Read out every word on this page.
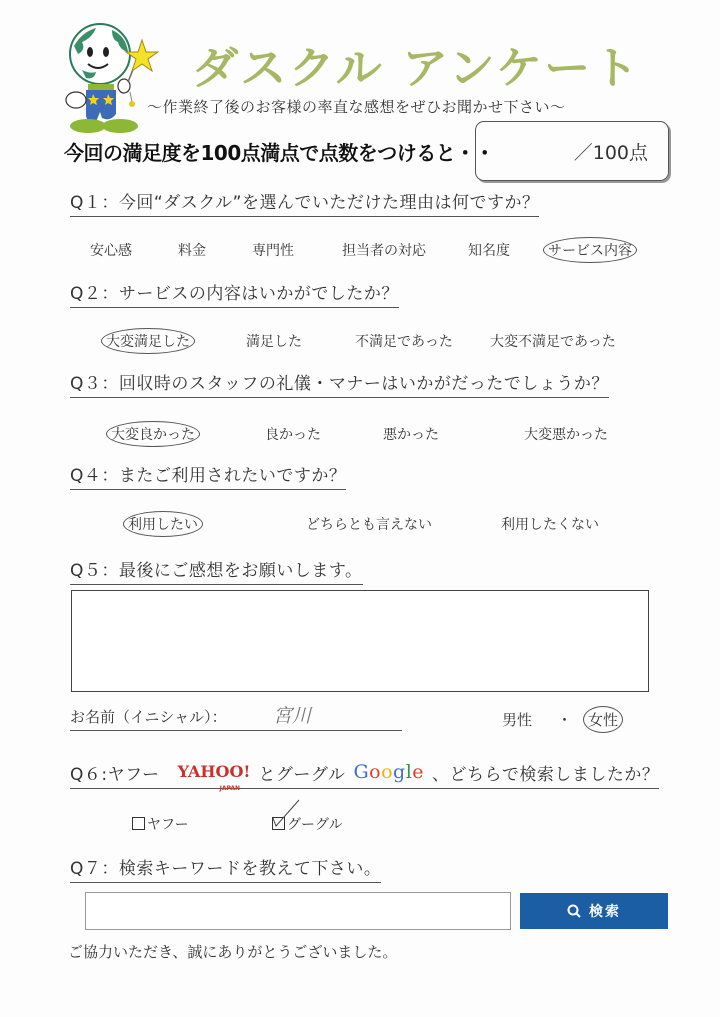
ダスクル アンケート
～作業終了後のお客様の率直な感想をぜひお聞かせ下さい～
今回の満足度を100点満点で点数をつけると・・	／100点
Q１：今回“ダスクル”を選んでいただけた理由は何ですか？
安心感	料金	専門性	担当者の対応	知名度	サービス内容
Q２：サービスの内容はいかがでしたか？
大変満足した	満足した	不満足であった	大変不満足であった
Q３：回収時のスタッフの礼儀・マナーはいかがだったでしょうか？
大変良かった	良かった	悪かった	大変悪かった
Q４：またご利用されたいですか？
利用したい	どちらとも言えない	利用したくない
Q５：最後にご感想をお願いします。
お名前（イニシャル）： 宮川	男性 ・	女性
Q６:ヤフー YAHOO!
JAPAN
とグーグル Google 、どちらで検索しましたか？
ヤフー	グーグル
Q７：検索キーワードを教えて下さい。
検索
ご協力いただき、誠にありがとうございました。
